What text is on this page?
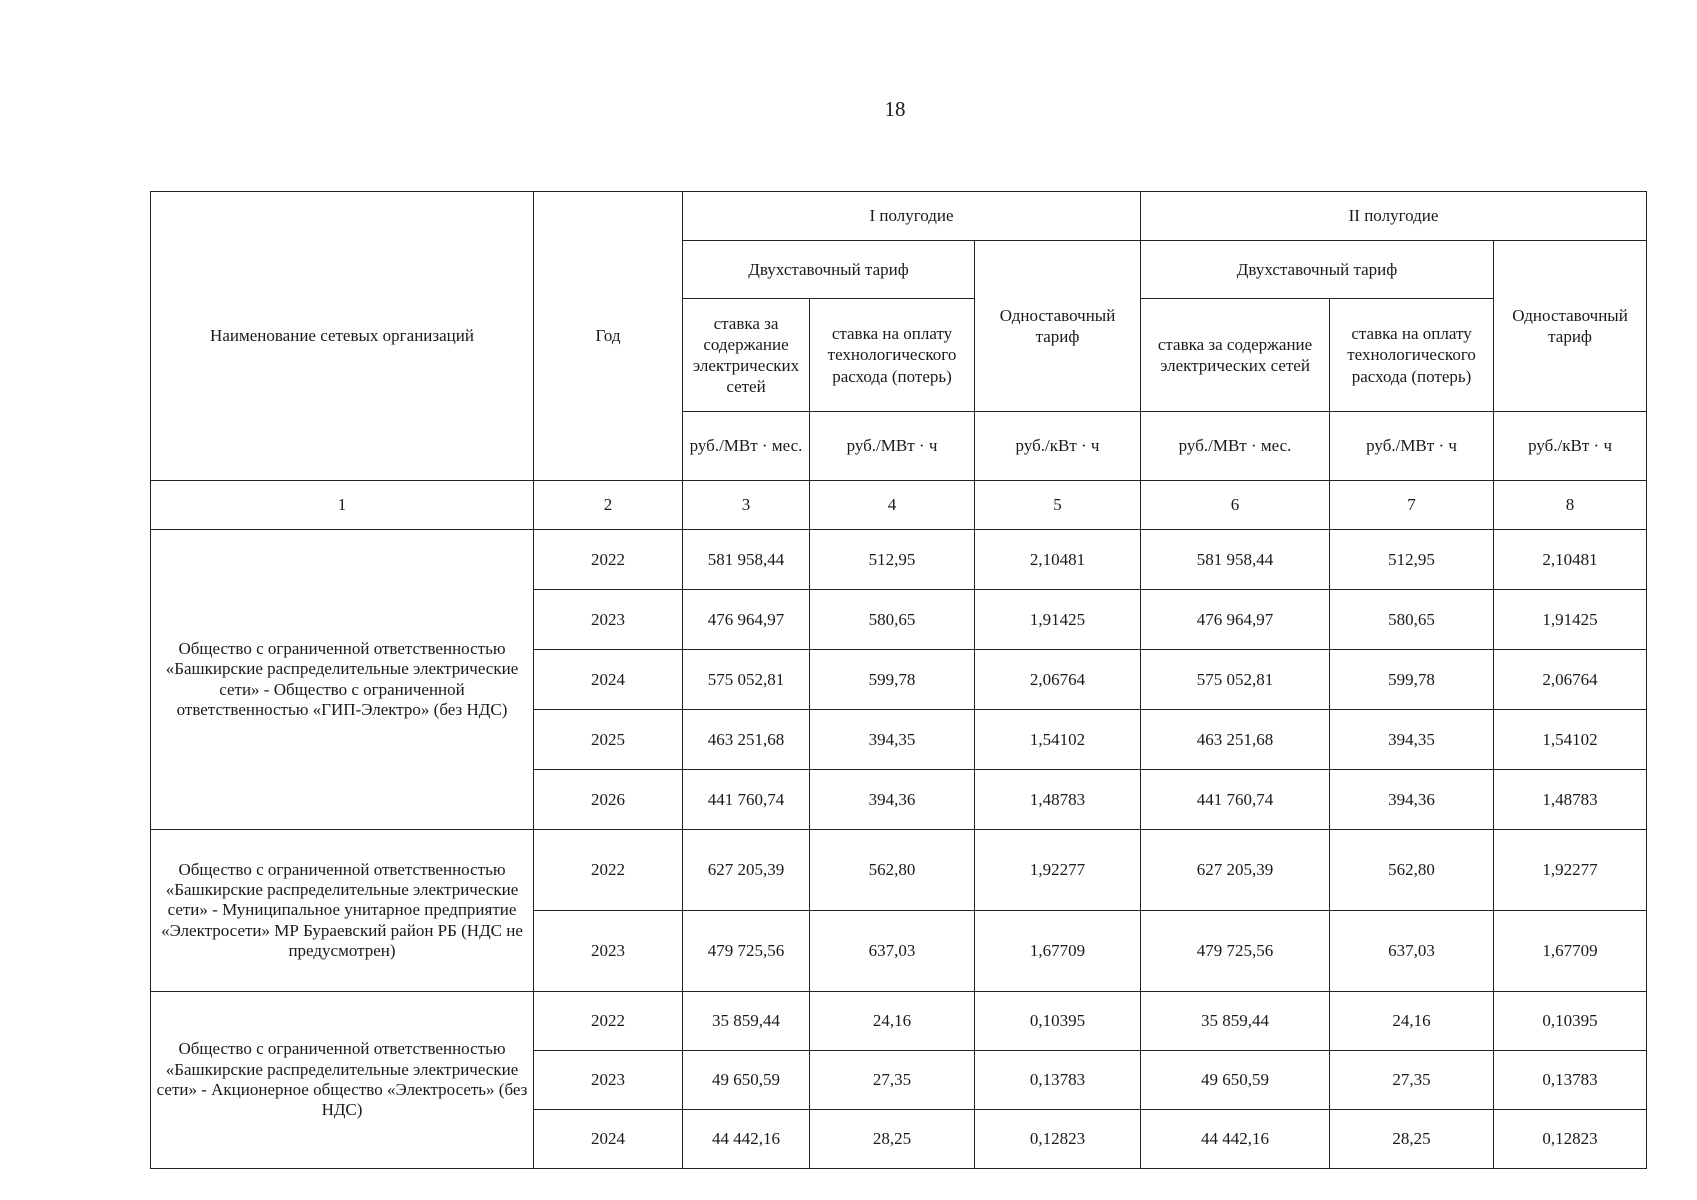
18
Наименование сетевых организаций	Год	I полугодие			II полугодие		
		Двухставочный тариф		Одноставочный тариф	Двухставочный тариф		Одноставочный тариф
		ставка за содержание электрических сетей	ставка на оплату технологического расхода (потерь)		ставка за содержание электрических сетей	ставка на оплату технологического расхода (потерь)	
		руб./МВт · мес.	руб./МВт · ч	руб./кВт · ч	руб./МВт · мес.	руб./МВт · ч	руб./кВт · ч
1	2	3	4	5	6	7	8
Общество с ограниченной ответственностью «Башкирские распределительные электрические сети» - Общество с ограниченной ответственностью «ГИП-Электро» (без НДС)	2022	581 958,44	512,95	2,10481	581 958,44	512,95	2,10481
	2023	476 964,97	580,65	1,91425	476 964,97	580,65	1,91425
	2024	575 052,81	599,78	2,06764	575 052,81	599,78	2,06764
	2025	463 251,68	394,35	1,54102	463 251,68	394,35	1,54102
	2026	441 760,74	394,36	1,48783	441 760,74	394,36	1,48783
Общество с ограниченной ответственностью «Башкирские распределительные электрические сети» - Муниципальное унитарное предприятие «Электросети» МР Бураевский район РБ (НДС не предусмотрен)	2022	627 205,39	562,80	1,92277	627 205,39	562,80	1,92277
	2023	479 725,56	637,03	1,67709	479 725,56	637,03	1,67709
Общество с ограниченной ответственностью «Башкирские распределительные электрические сети» - Акционерное общество «Электросеть» (без НДС)	2022	35 859,44	24,16	0,10395	35 859,44	24,16	0,10395
	2023	49 650,59	27,35	0,13783	49 650,59	27,35	0,13783
	2024	44 442,16	28,25	0,12823	44 442,16	28,25	0,12823
